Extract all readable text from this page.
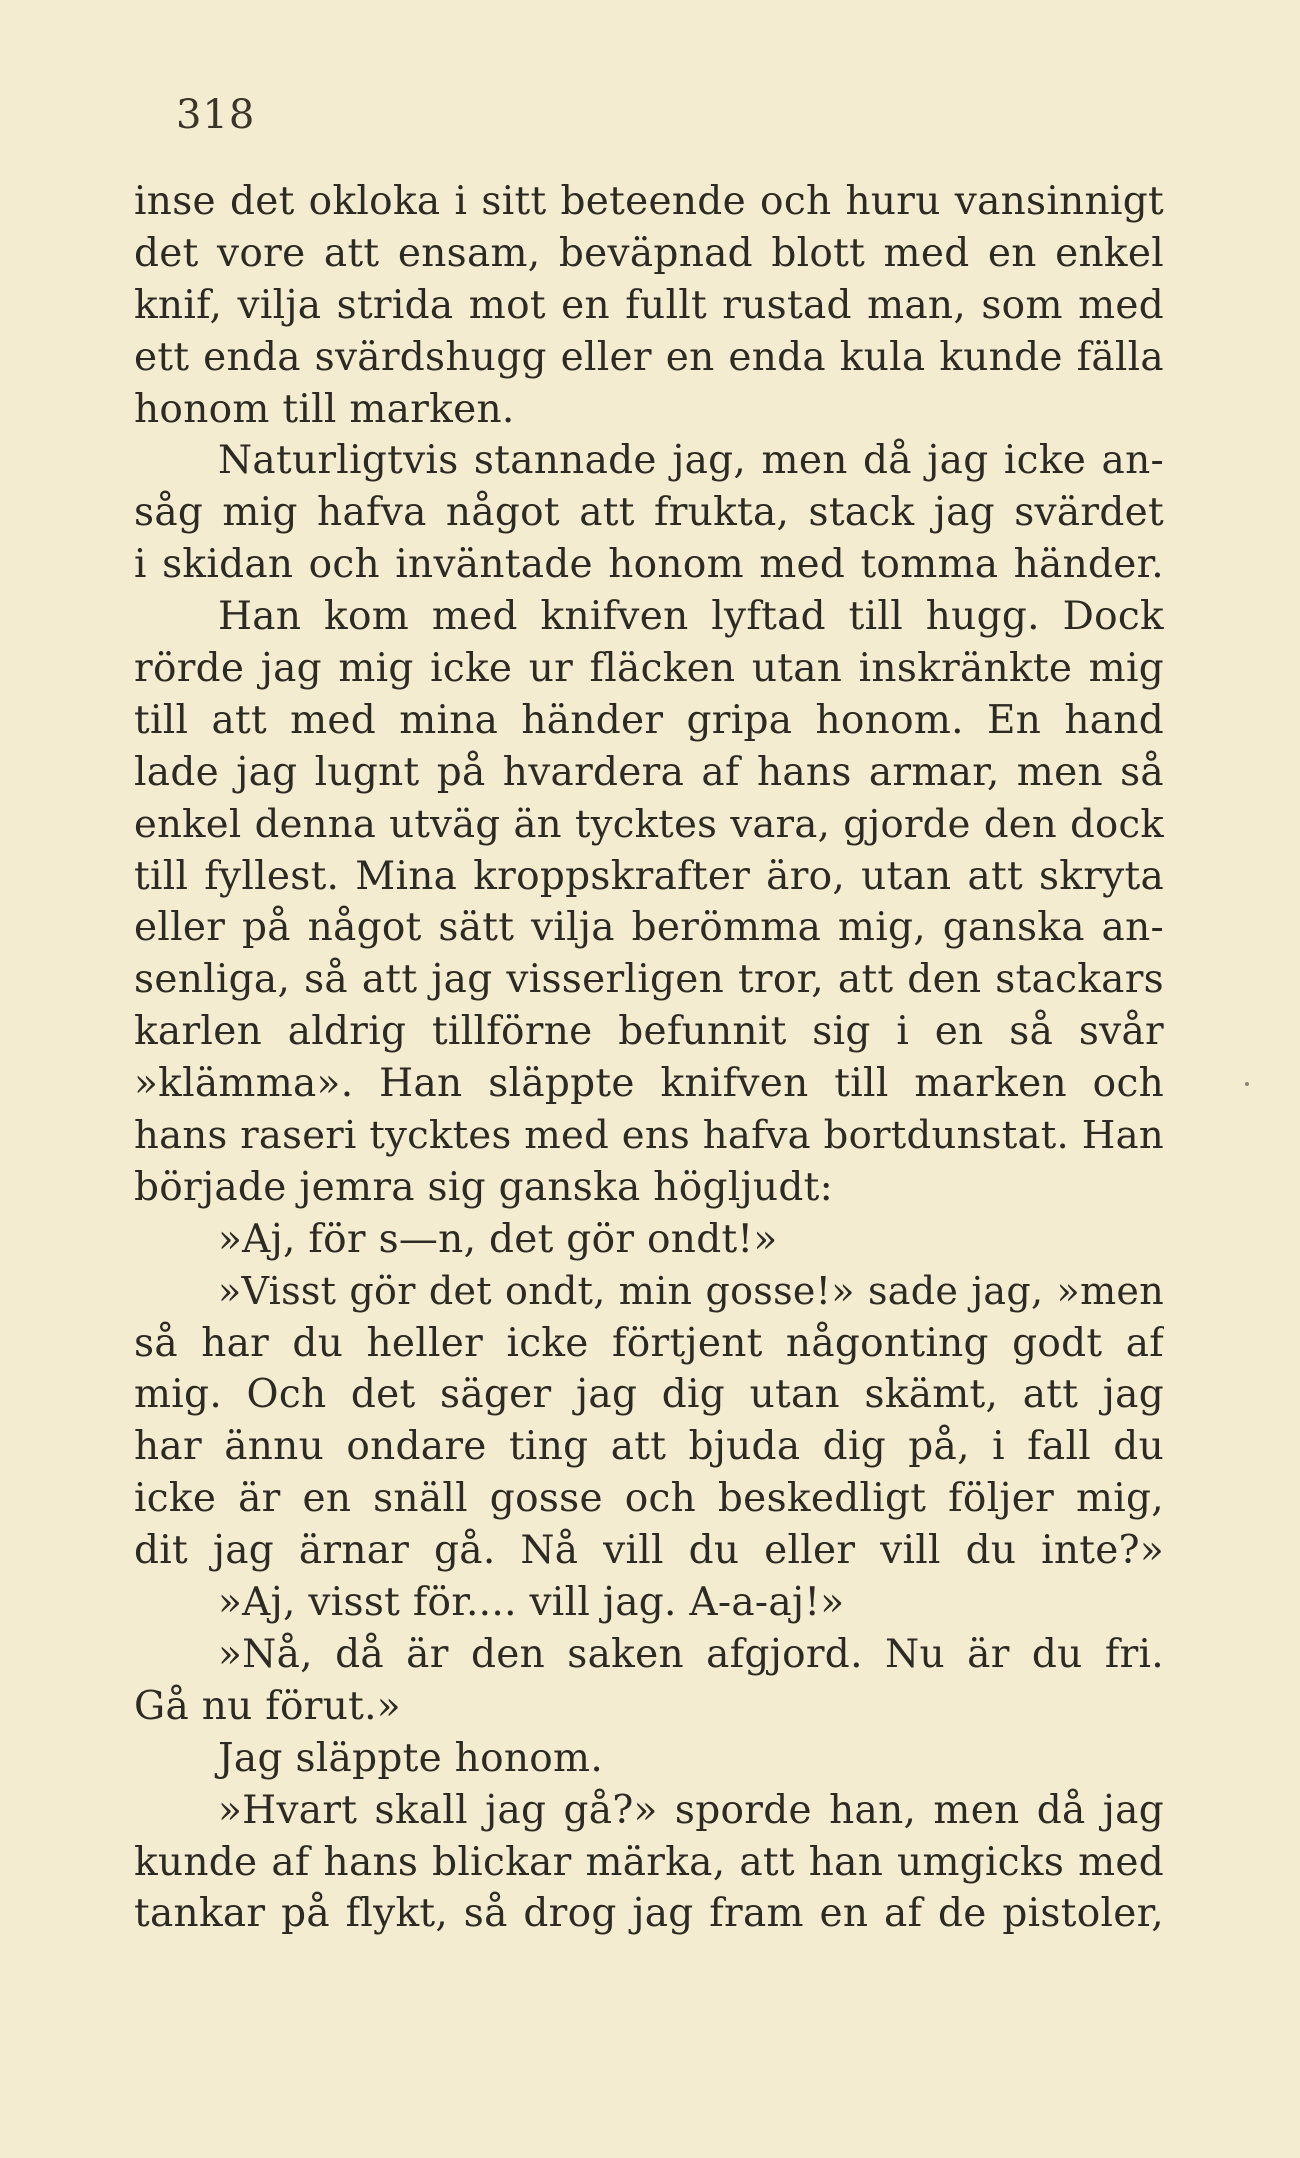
318

inse det okloka i sitt beteende och huru vansinnigt
det vore att ensam, beväpnad blott med en enkel
knif, vilja strida mot en fullt rustad man, som med
ett enda svärdshugg eller en enda kula kunde fälla
honom till marken.
Naturligtvis stannade jag, men då jag icke an-
såg mig hafva något att frukta, stack jag svärdet
i skidan och inväntade honom med tomma händer.
Han kom med knifven lyftad till hugg. Dock
rörde jag mig icke ur fläcken utan inskränkte mig
till att med mina händer gripa honom. En hand
lade jag lugnt på hvardera af hans armar, men så
enkel denna utväg än tycktes vara, gjorde den dock
till fyllest. Mina kroppskrafter äro, utan att skryta
eller på något sätt vilja berömma mig, ganska an-
senliga, så att jag visserligen tror, att den stackars
karlen aldrig tillförne befunnit sig i en så svår
»klämma». Han släppte knifven till marken och
hans raseri tycktes med ens hafva bortdunstat. Han
började jemra sig ganska högljudt:
»Aj, för s—n, det gör ondt!»
»Visst gör det ondt, min gosse!» sade jag, »men
så har du heller icke förtjent någonting godt af
mig. Och det säger jag dig utan skämt, att jag
har ännu ondare ting att bjuda dig på, i fall du
icke är en snäll gosse och beskedligt följer mig,
dit jag ärnar gå. Nå vill du eller vill du inte?»
»Aj, visst för.... vill jag. A-a-aj!»
»Nå, då är den saken afgjord. Nu är du fri.
Gå nu förut.»
Jag släppte honom.
»Hvart skall jag gå?» sporde han, men då jag
kunde af hans blickar märka, att han umgicks med
tankar på flykt, så drog jag fram en af de pistoler,
